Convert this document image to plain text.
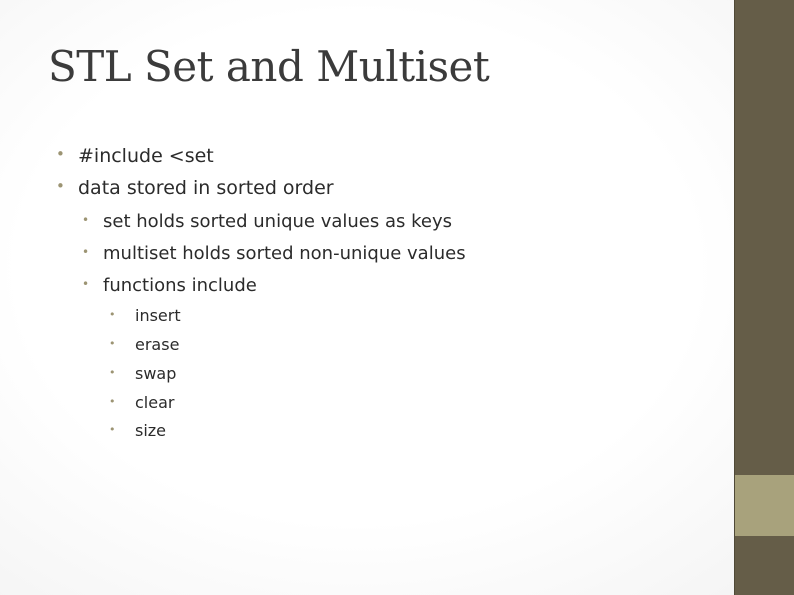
STL Set and Multiset
• #include <set
• data stored in sorted order
• set holds sorted unique values as keys
• multiset holds sorted non-unique values
• functions include
• insert
• erase
• swap
• clear
• size
